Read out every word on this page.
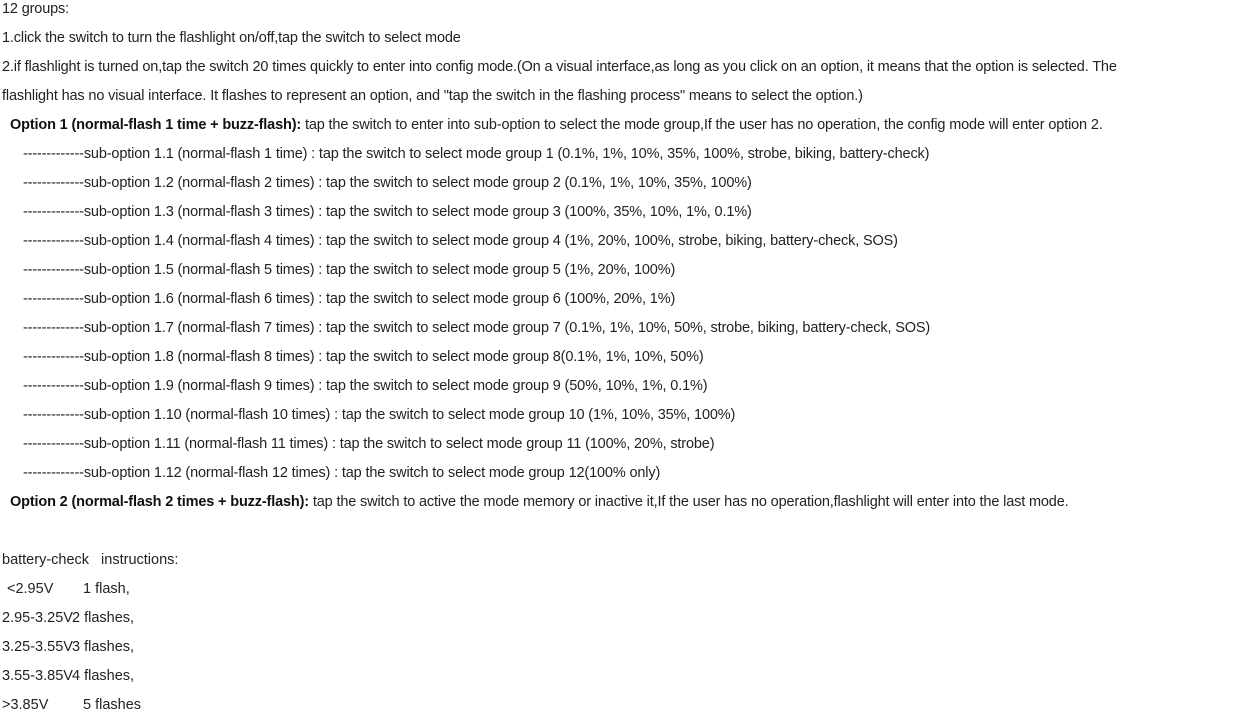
12 groups:
1.click the switch to turn the flashlight on/off,tap the switch to select mode
2.if flashlight is turned on,tap the switch 20 times quickly to enter into config mode.(On a visual interface,as long as you click on an option, it means that the option is selected. The
flashlight has no visual interface. It flashes to represent an option, and "tap the switch in the flashing process" means to select the option.)
Option 1 (normal-flash 1 time + buzz-flash): tap the switch to enter into sub-option to select the mode group,If the user has no operation, the config mode will enter option 2.
-------------sub-option 1.1 (normal-flash 1 time) : tap the switch to select mode group 1 (0.1%, 1%, 10%, 35%, 100%, strobe, biking, battery-check)
-------------sub-option 1.2 (normal-flash 2 times) : tap the switch to select mode group 2 (0.1%, 1%, 10%, 35%, 100%)
-------------sub-option 1.3 (normal-flash 3 times) : tap the switch to select mode group 3 (100%, 35%, 10%, 1%, 0.1%)
-------------sub-option 1.4 (normal-flash 4 times) : tap the switch to select mode group 4 (1%, 20%, 100%, strobe, biking, battery-check, SOS)
-------------sub-option 1.5 (normal-flash 5 times) : tap the switch to select mode group 5 (1%, 20%, 100%)
-------------sub-option 1.6 (normal-flash 6 times) : tap the switch to select mode group 6 (100%, 20%, 1%)
-------------sub-option 1.7 (normal-flash 7 times) : tap the switch to select mode group 7 (0.1%, 1%, 10%, 50%, strobe, biking, battery-check, SOS)
-------------sub-option 1.8 (normal-flash 8 times) : tap the switch to select mode group 8(0.1%, 1%, 10%, 50%)
-------------sub-option 1.9 (normal-flash 9 times) : tap the switch to select mode group 9 (50%, 10%, 1%, 0.1%)
-------------sub-option 1.10 (normal-flash 10 times) : tap the switch to select mode group 10 (1%, 10%, 35%, 100%)
-------------sub-option 1.11 (normal-flash 11 times) : tap the switch to select mode group 11 (100%, 20%, strobe)
-------------sub-option 1.12 (normal-flash 12 times) : tap the switch to select mode group 12(100% only)
Option 2 (normal-flash 2 times + buzz-flash): tap the switch to active the mode memory or inactive it,If the user has no operation,flashlight will enter into the last mode.
battery-check instructions:
<2.95V 1 flash,
2.95-3.25V2 flashes,
3.25-3.55V3 flashes,
3.55-3.85V4 flashes,
>3.85V 5 flashes
